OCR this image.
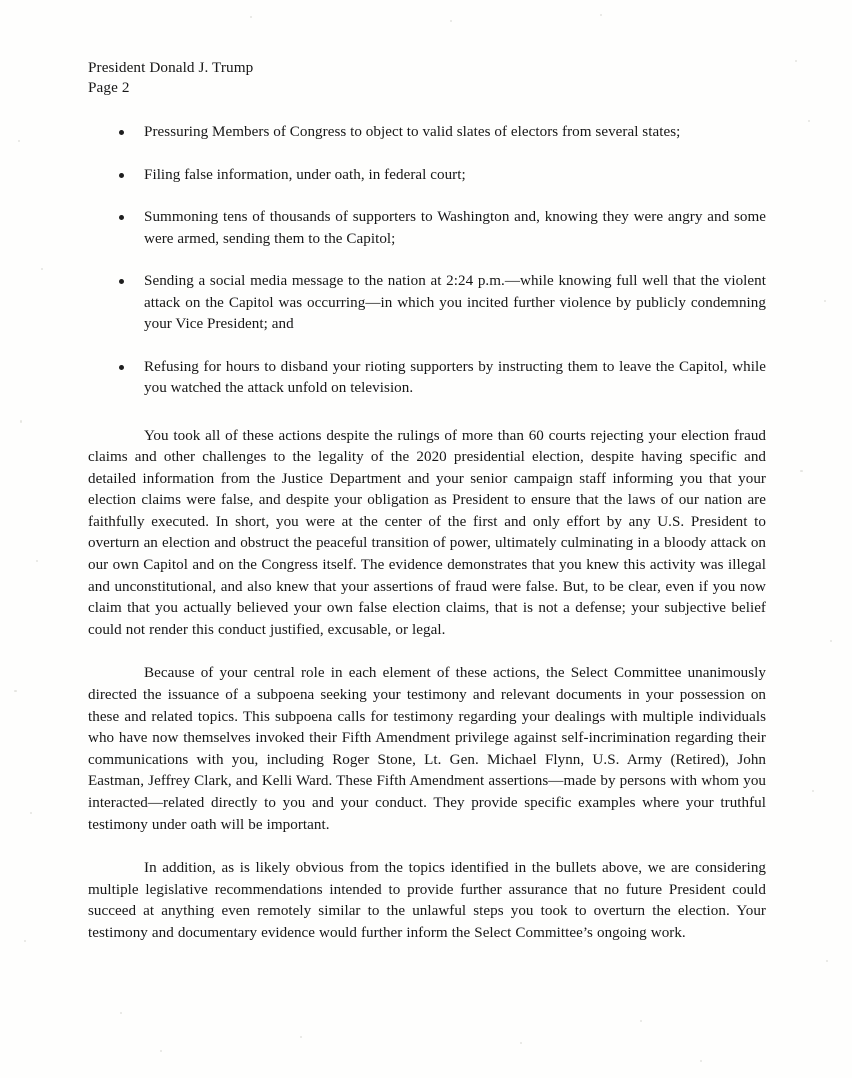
President Donald J. Trump
Page 2
Pressuring Members of Congress to object to valid slates of electors from several states;
Filing false information, under oath, in federal court;
Summoning tens of thousands of supporters to Washington and, knowing they were angry and some were armed, sending them to the Capitol;
Sending a social media message to the nation at 2:24 p.m.—while knowing full well that the violent attack on the Capitol was occurring—in which you incited further violence by publicly condemning your Vice President; and
Refusing for hours to disband your rioting supporters by instructing them to leave the Capitol, while you watched the attack unfold on television.

You took all of these actions despite the rulings of more than 60 courts rejecting your election fraud claims and other challenges to the legality of the 2020 presidential election, despite having specific and detailed information from the Justice Department and your senior campaign staff informing you that your election claims were false, and despite your obligation as President to ensure that the laws of our nation are faithfully executed. In short, you were at the center of the first and only effort by any U.S. President to overturn an election and obstruct the peaceful transition of power, ultimately culminating in a bloody attack on our own Capitol and on the Congress itself. The evidence demonstrates that you knew this activity was illegal and unconstitutional, and also knew that your assertions of fraud were false. But, to be clear, even if you now claim that you actually believed your own false election claims, that is not a defense; your subjective belief could not render this conduct justified, excusable, or legal.

Because of your central role in each element of these actions, the Select Committee unanimously directed the issuance of a subpoena seeking your testimony and relevant documents in your possession on these and related topics. This subpoena calls for testimony regarding your dealings with multiple individuals who have now themselves invoked their Fifth Amendment privilege against self-incrimination regarding their communications with you, including Roger Stone, Lt. Gen. Michael Flynn, U.S. Army (Retired), John Eastman, Jeffrey Clark, and Kelli Ward. These Fifth Amendment assertions—made by persons with whom you interacted—related directly to you and your conduct. They provide specific examples where your truthful testimony under oath will be important.

In addition, as is likely obvious from the topics identified in the bullets above, we are considering multiple legislative recommendations intended to provide further assurance that no future President could succeed at anything even remotely similar to the unlawful steps you took to overturn the election. Your testimony and documentary evidence would further inform the Select Committee’s ongoing work.
